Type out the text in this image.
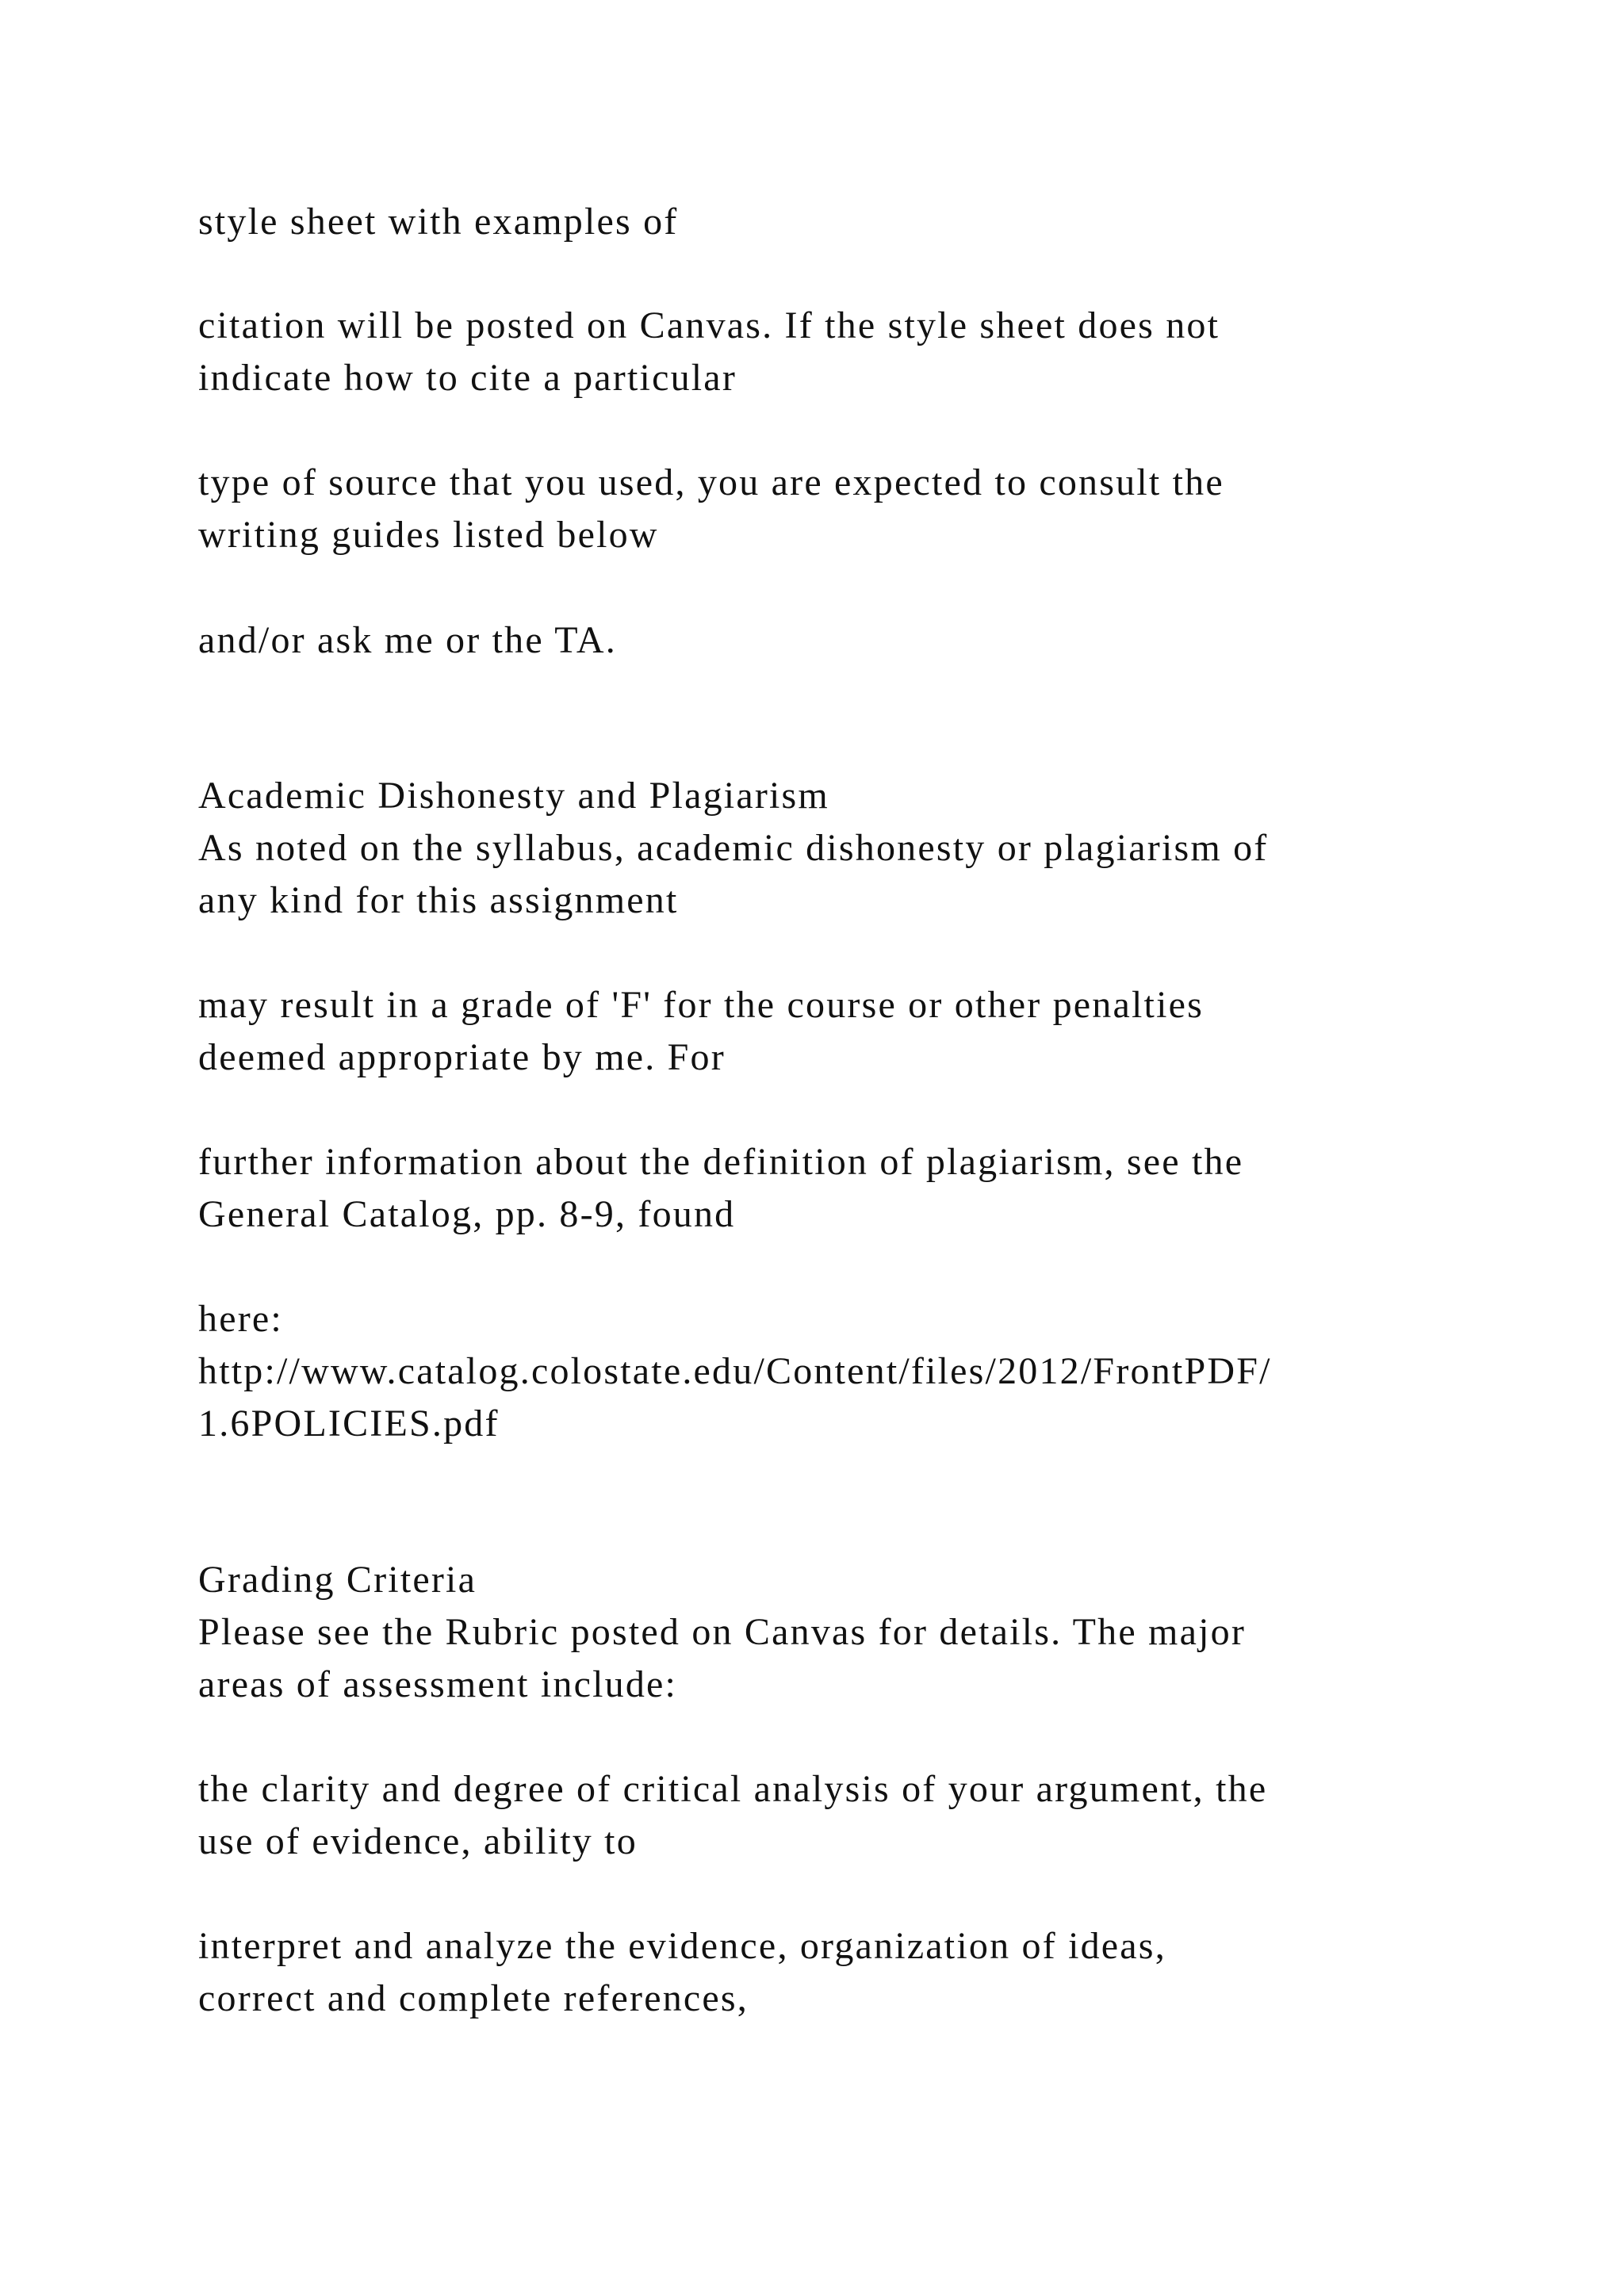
style sheet with examples of

citation will be posted on Canvas. If the style sheet does not

indicate how to cite a particular

type of source that you used, you are expected to consult the

writing guides listed below

and/or ask me or the TA.

Academic Dishonesty and Plagiarism

As noted on the syllabus, academic dishonesty or plagiarism of

any kind for this assignment

may result in a grade of 'F' for the course or other penalties

deemed appropriate by me. For

further information about the definition of plagiarism, see the

General Catalog, pp. 8-9, found

here:

http://www.catalog.colostate.edu/Content/files/2012/FrontPDF/

1.6POLICIES.pdf

Grading Criteria

Please see the Rubric posted on Canvas for details. The major

areas of assessment include:

the clarity and degree of critical analysis of your argument, the

use of evidence, ability to

interpret and analyze the evidence, organization of ideas,

correct and complete references,
